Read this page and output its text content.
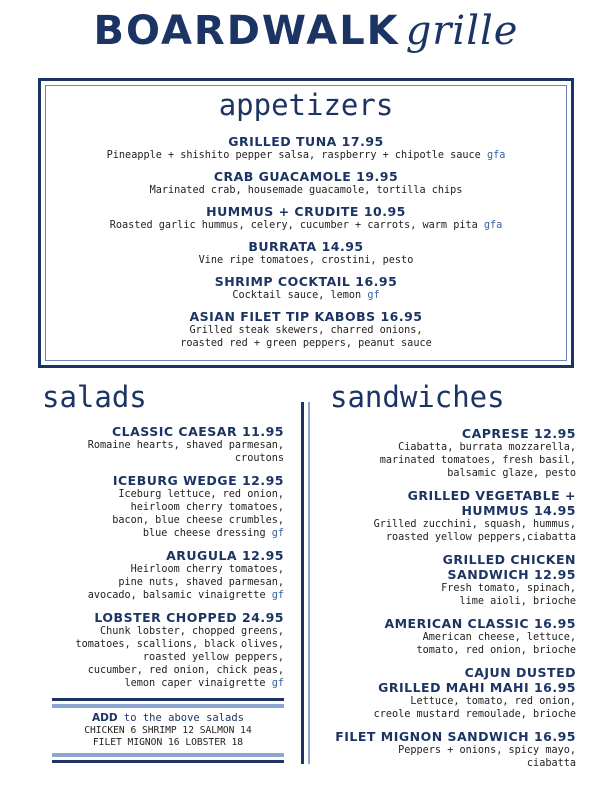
BOARDWALK grille
appetizers
GRILLED TUNA 17.95
Pineapple + shishito pepper salsa, raspberry + chipotle sauce gfa
CRAB GUACAMOLE 19.95
Marinated crab, housemade guacamole, tortilla chips
HUMMUS + CRUDITE 10.95
Roasted garlic hummus, celery, cucumber + carrots, warm pita gfa
BURRATA 14.95
Vine ripe tomatoes, crostini, pesto
SHRIMP COCKTAIL 16.95
Cocktail sauce, lemon gf
ASIAN FILET TIP KABOBS 16.95
Grilled steak skewers, charred onions,
roasted red + green peppers, peanut sauce
salads
CLASSIC CAESAR 11.95
Romaine hearts, shaved parmesan,
croutons
ICEBURG WEDGE 12.95
Iceburg lettuce, red onion,
heirloom cherry tomatoes,
bacon, blue cheese crumbles,
blue cheese dressing gf
ARUGULA 12.95
Heirloom cherry tomatoes,
pine nuts, shaved parmesan,
avocado, balsamic vinaigrette gf
LOBSTER CHOPPED 24.95
Chunk lobster, chopped greens,
tomatoes, scallions, black olives,
roasted yellow peppers,
cucumber, red onion, chick peas,
lemon caper vinaigrette gf
sandwiches
CAPRESE 12.95
Ciabatta, burrata mozzarella,
marinated tomatoes, fresh basil,
balsamic glaze, pesto
GRILLED VEGETABLE +
HUMMUS 14.95
Grilled zucchini, squash, hummus,
roasted yellow peppers,ciabatta
GRILLED CHICKEN
SANDWICH 12.95
Fresh tomato, spinach,
lime aioli, brioche
AMERICAN CLASSIC 16.95
American cheese, lettuce,
tomato, red onion, brioche
CAJUN DUSTED
GRILLED MAHI MAHI 16.95
Lettuce, tomato, red onion,
creole mustard remoulade, brioche
FILET MIGNON SANDWICH 16.95
Peppers + onions, spicy mayo,
ciabatta
ADD to the above salads
CHICKEN 6 SHRIMP 12 SALMON 14
FILET MIGNON 16 LOBSTER 18
